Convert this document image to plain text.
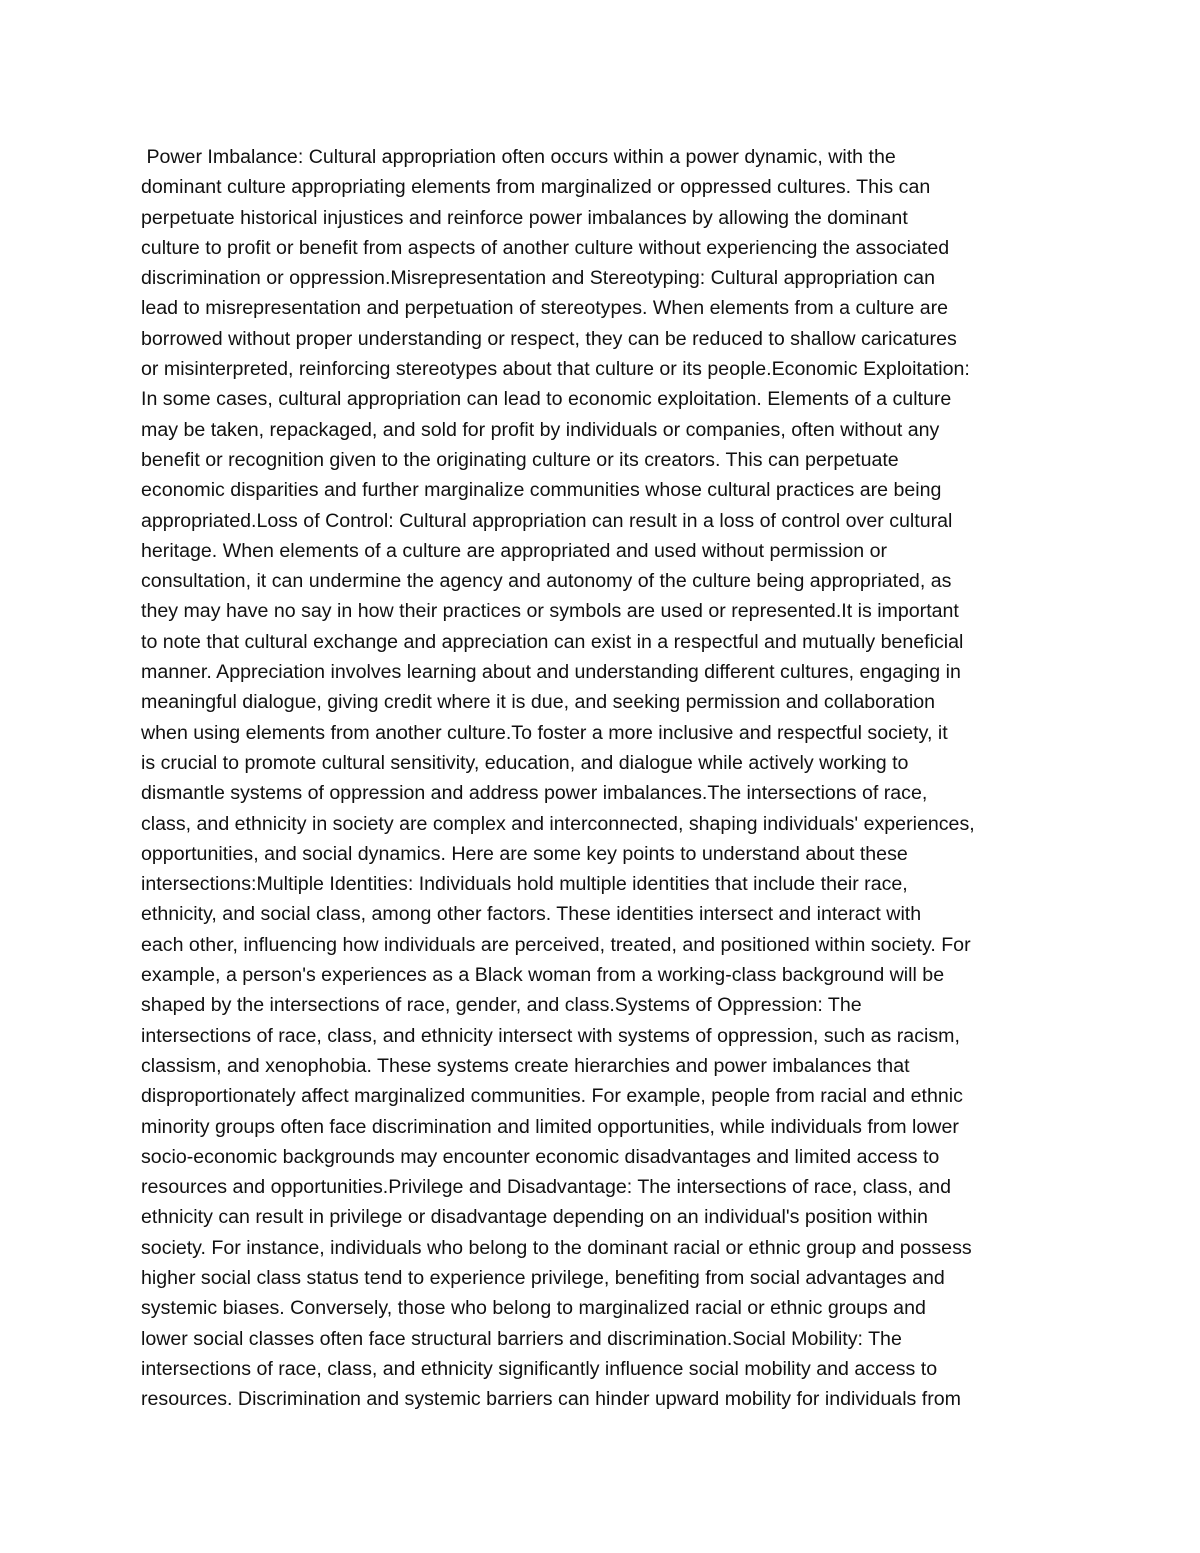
Power Imbalance: Cultural appropriation often occurs within a power dynamic, with the
dominant culture appropriating elements from marginalized or oppressed cultures. This can
perpetuate historical injustices and reinforce power imbalances by allowing the dominant
culture to profit or benefit from aspects of another culture without experiencing the associated
discrimination or oppression.Misrepresentation and Stereotyping: Cultural appropriation can
lead to misrepresentation and perpetuation of stereotypes. When elements from a culture are
borrowed without proper understanding or respect, they can be reduced to shallow caricatures
or misinterpreted, reinforcing stereotypes about that culture or its people.Economic Exploitation:
In some cases, cultural appropriation can lead to economic exploitation. Elements of a culture
may be taken, repackaged, and sold for profit by individuals or companies, often without any
benefit or recognition given to the originating culture or its creators. This can perpetuate
economic disparities and further marginalize communities whose cultural practices are being
appropriated.Loss of Control: Cultural appropriation can result in a loss of control over cultural
heritage. When elements of a culture are appropriated and used without permission or
consultation, it can undermine the agency and autonomy of the culture being appropriated, as
they may have no say in how their practices or symbols are used or represented.It is important
to note that cultural exchange and appreciation can exist in a respectful and mutually beneficial
manner. Appreciation involves learning about and understanding different cultures, engaging in
meaningful dialogue, giving credit where it is due, and seeking permission and collaboration
when using elements from another culture.To foster a more inclusive and respectful society, it
is crucial to promote cultural sensitivity, education, and dialogue while actively working to
dismantle systems of oppression and address power imbalances.The intersections of race,
class, and ethnicity in society are complex and interconnected, shaping individuals' experiences,
opportunities, and social dynamics. Here are some key points to understand about these
intersections:Multiple Identities: Individuals hold multiple identities that include their race,
ethnicity, and social class, among other factors. These identities intersect and interact with
each other, influencing how individuals are perceived, treated, and positioned within society. For
example, a person's experiences as a Black woman from a working-class background will be
shaped by the intersections of race, gender, and class.Systems of Oppression: The
intersections of race, class, and ethnicity intersect with systems of oppression, such as racism,
classism, and xenophobia. These systems create hierarchies and power imbalances that
disproportionately affect marginalized communities. For example, people from racial and ethnic
minority groups often face discrimination and limited opportunities, while individuals from lower
socio-economic backgrounds may encounter economic disadvantages and limited access to
resources and opportunities.Privilege and Disadvantage: The intersections of race, class, and
ethnicity can result in privilege or disadvantage depending on an individual's position within
society. For instance, individuals who belong to the dominant racial or ethnic group and possess
higher social class status tend to experience privilege, benefiting from social advantages and
systemic biases. Conversely, those who belong to marginalized racial or ethnic groups and
lower social classes often face structural barriers and discrimination.Social Mobility: The
intersections of race, class, and ethnicity significantly influence social mobility and access to
resources. Discrimination and systemic barriers can hinder upward mobility for individuals from
